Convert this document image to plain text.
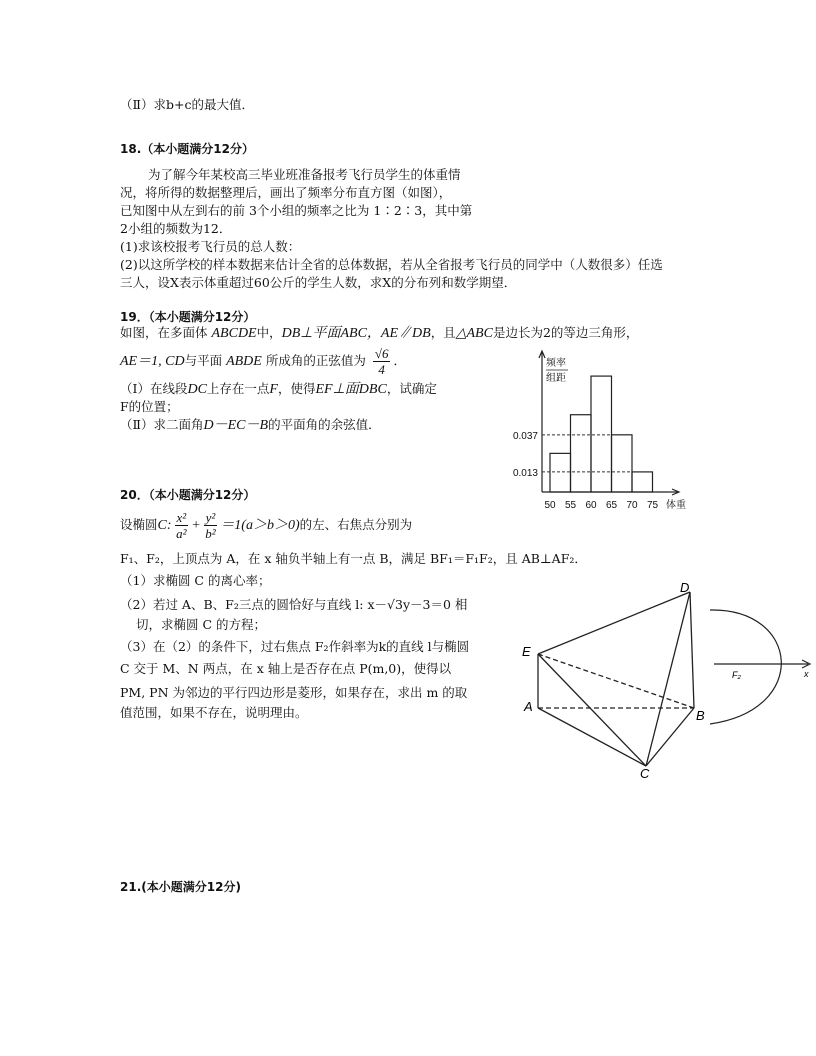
（Ⅱ）求b+c的最大值．
18.（本小题满分12分）
为了解今年某校高三毕业班准备报考飞行员学生的体重情
况，将所得的数据整理后，画出了频率分布直方图（如图），
已知图中从左到右的前 3个小组的频率之比为 1∶2∶3，其中第
2小组的频数为12．
(1)求该校报考飞行员的总人数：
(2)以这所学校的样本数据来估计全省的总体数据，若从全省报考飞行员的同学中（人数很多）任选
三人，设X表示体重超过60公斤的学生人数，求X的分布列和数学期望．
19．（本小题满分12分）
如图，在多面体 ABCDE中，DB⊥平面ABC，AE∥DB，且△ABC是边长为2的等边三角形，
AE＝1, CD与平面 ABDE 所成角的正弦值为 $\frac{√6}{4}$ ．
（Ⅰ）在线段DC上存在一点F，使得EF⊥面DBC，试确定
F的位置；
（Ⅱ）求二面角D－EC－B的平面角的余弦值．
0.037
0.013
50 55 60 65 70 75
频率
组距
体重
20．（本小题满分12分）
设椭圆C: $\frac{\text{x²}}{\text{a²}} + \frac{\text{y²}}{\text{b²}} =1(a>b>0)$的左、右焦点分别为
F₁、F₂，上顶点为 A，在 x 轴负半轴上有一点 B，满足 BF₁＝F₁F₂，且 AB⊥AF₂．
（1）求椭圆 C 的离心率；
（2）若过 A、B、F₂三点的圆恰好与直线 l: x－√3y－3＝0 相
切，求椭圆 C 的方程；
（3）在（2）的条件下，过右焦点 F₂作斜率为k的直线 l与椭圆
C 交于 M、N 两点，在 x 轴上是否存在点 P(m,0)，使得以
PM, PN 为邻边的平行四边形是菱形，如果存在，求出 m 的取
值范围，如果不存在，说明理由。
D
E
A
B
C
F₂	x
21.(本小题满分12分)
